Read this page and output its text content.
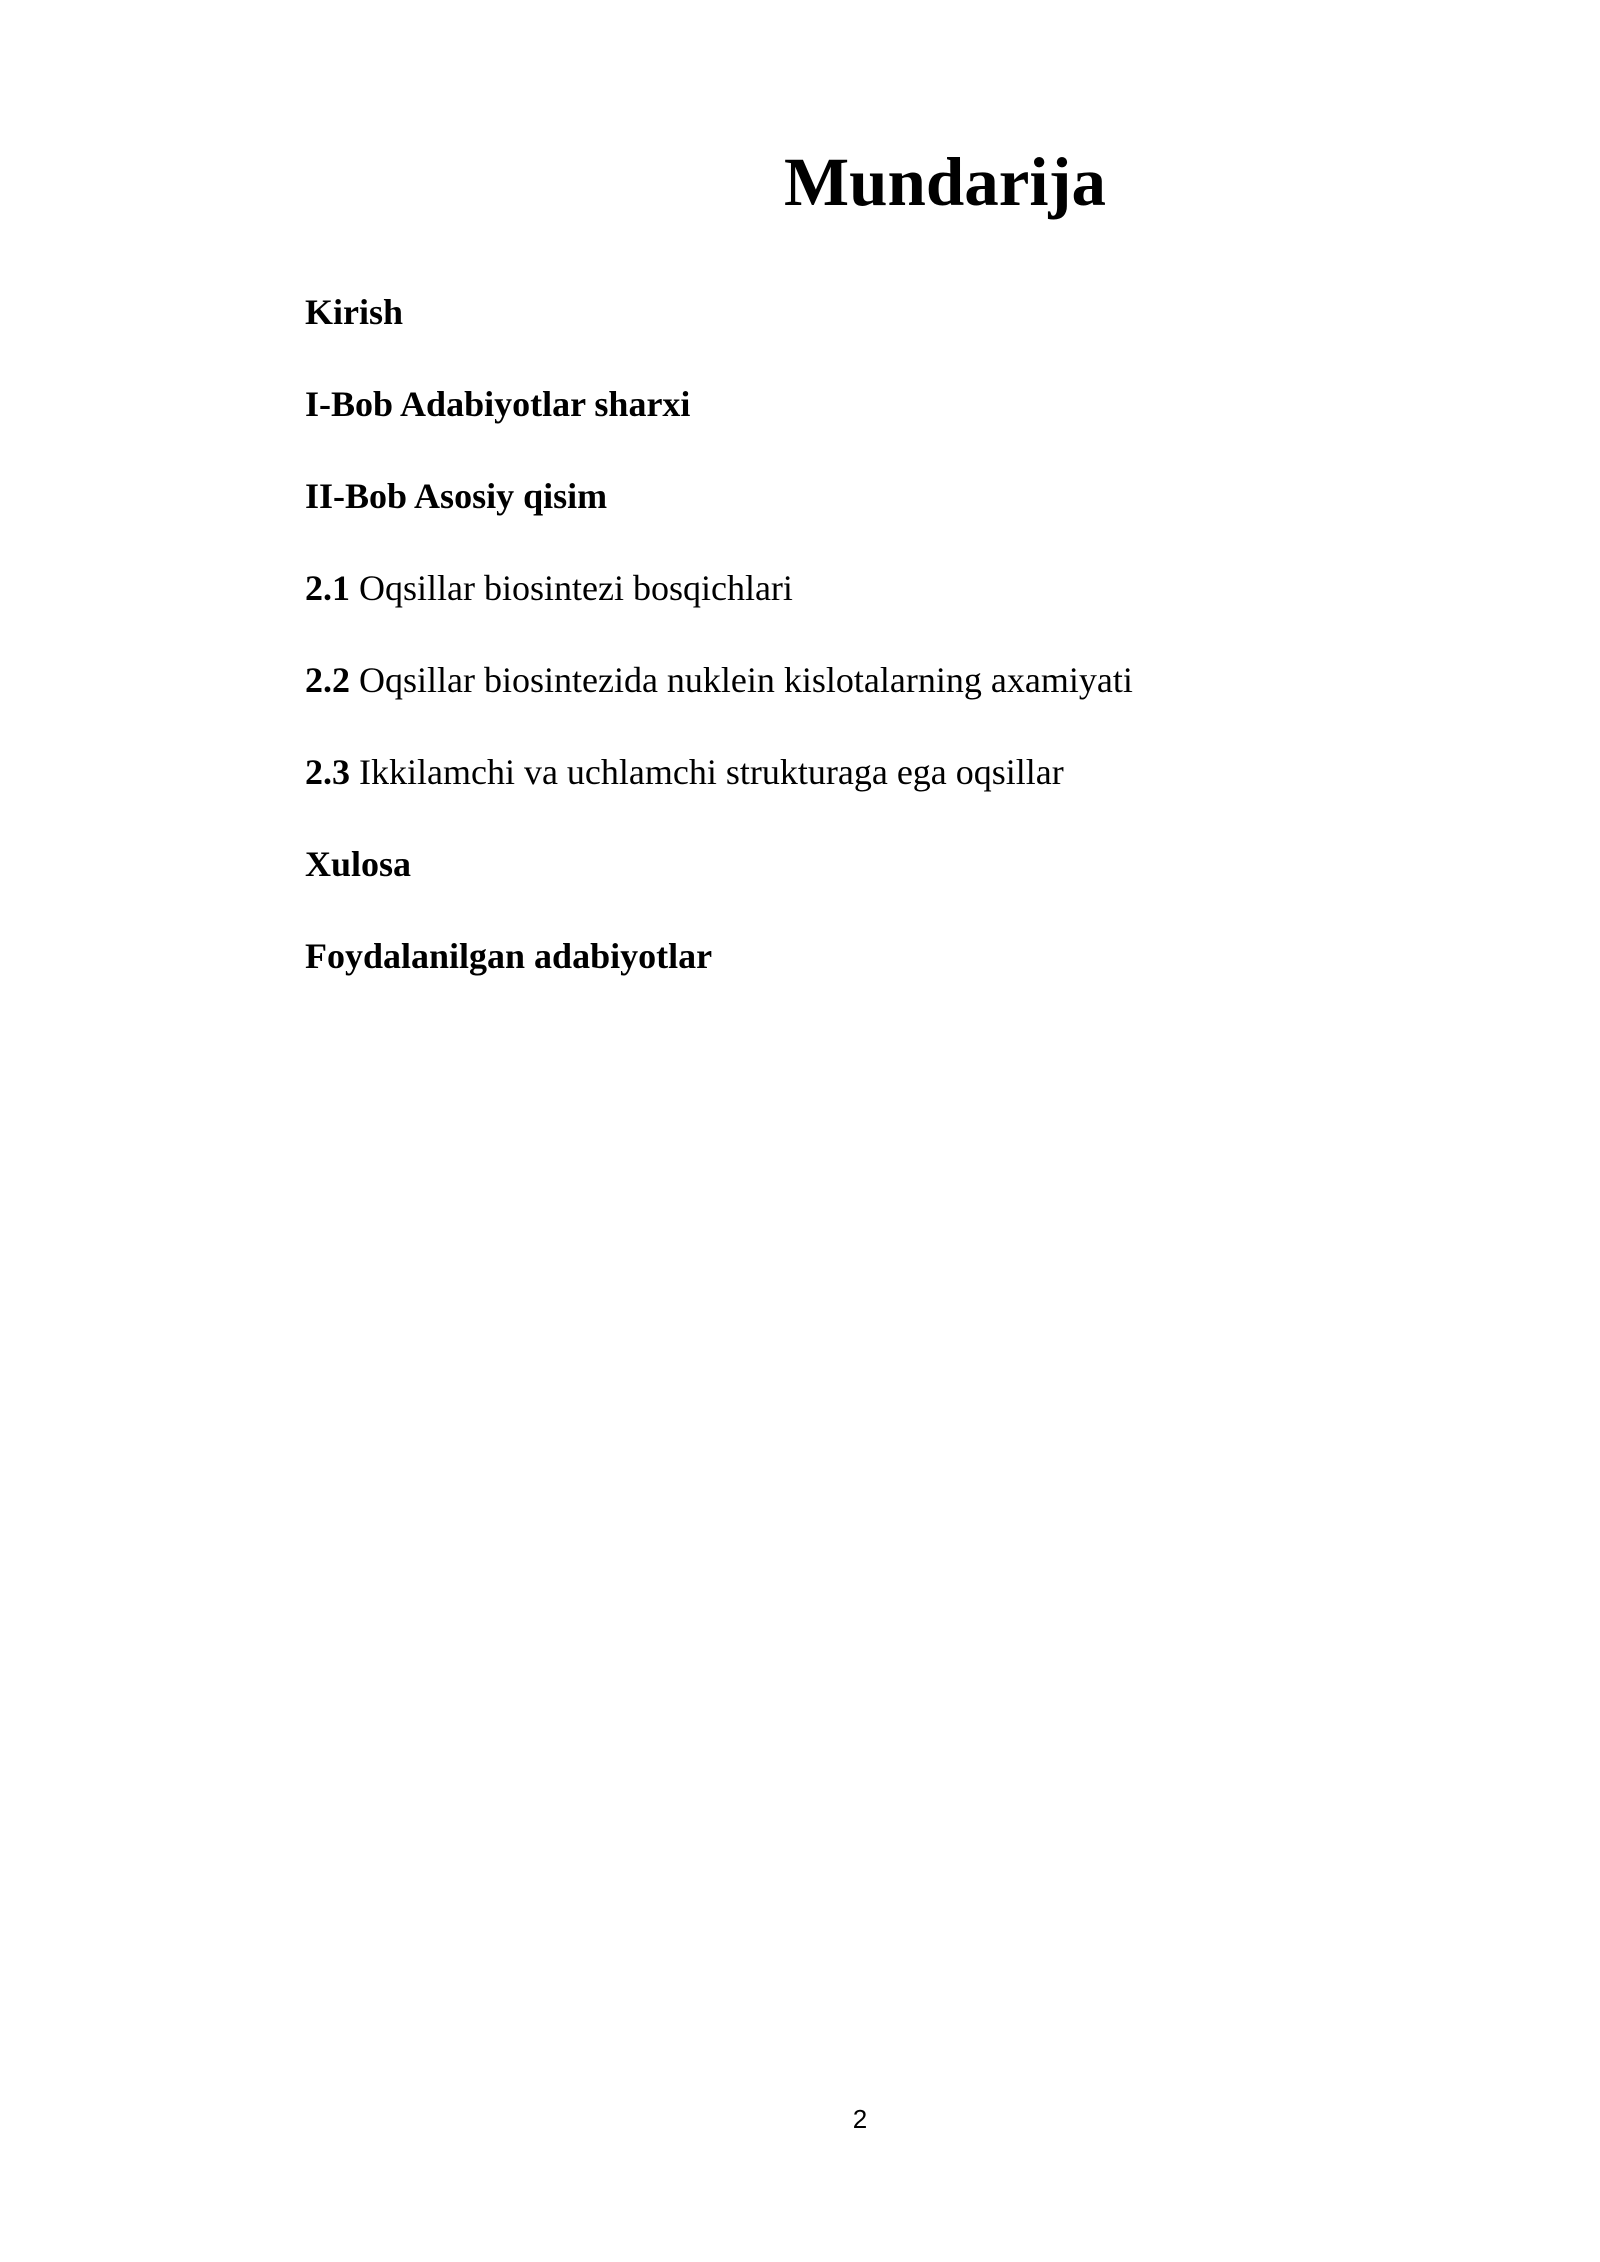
Mundarija
Kirish
I-Bob Adabiyotlar sharxi
II-Bob Asosiy qisim
2.1 Oqsillar biosintezi bosqichlari
2.2 Oqsillar biosintezida nuklein kislotalarning axamiyati
2.3 Ikkilamchi va uchlamchi strukturaga ega oqsillar
Xulosa
Foydalanilgan adabiyotlar
2
